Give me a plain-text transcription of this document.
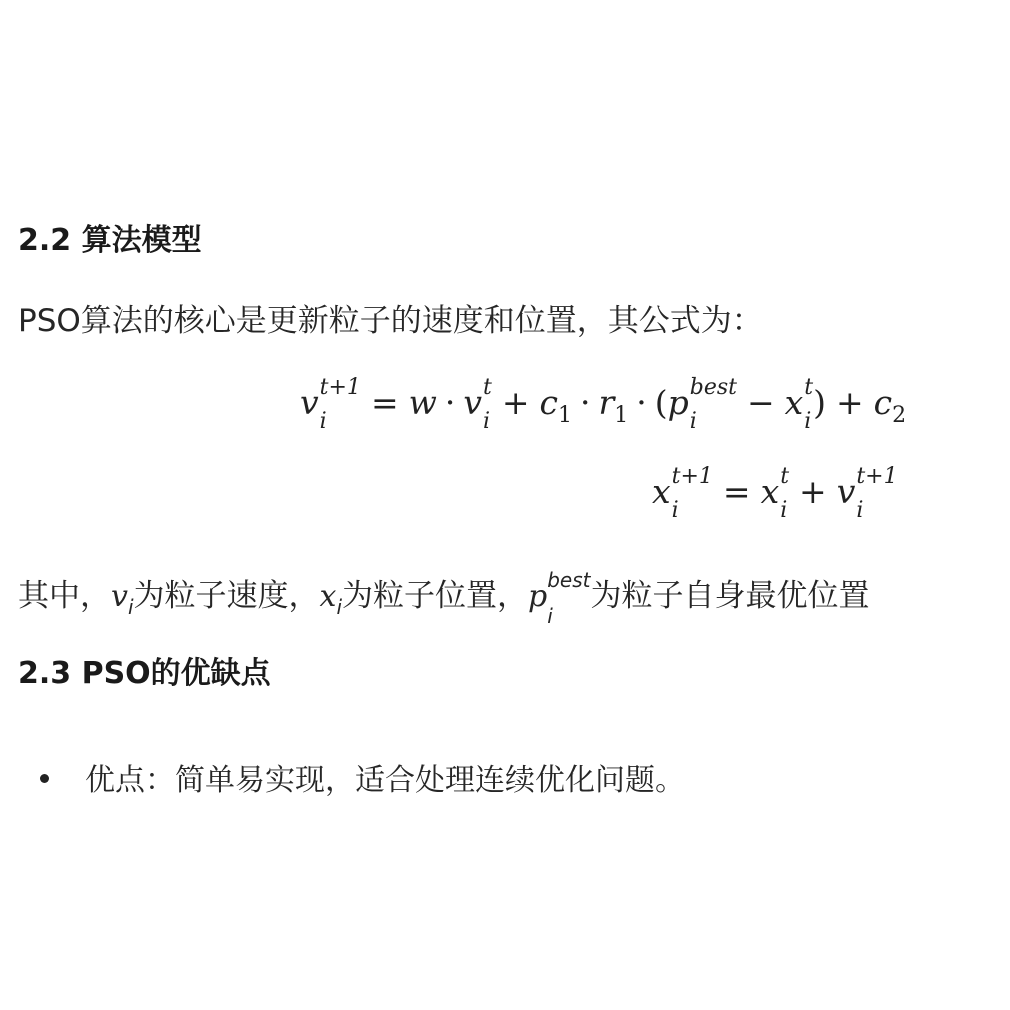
2.2 算法模型
PSO算法的核心是更新粒子的速度和位置，其公式为：
v t+1
i	= w · v t
$i + c_1 \cdot r_1 \cdot (p$ best
i	− x t
i ) + $c_2$
x t+1
i	= x t
i + v t+1
i
其中，$v_i$为粒子速度，$x_i$为粒子位置，p best
i
为粒子自身最优位置
2.3 PSO的优缺点
优点：简单易实现，适合处理连续优化问题。
